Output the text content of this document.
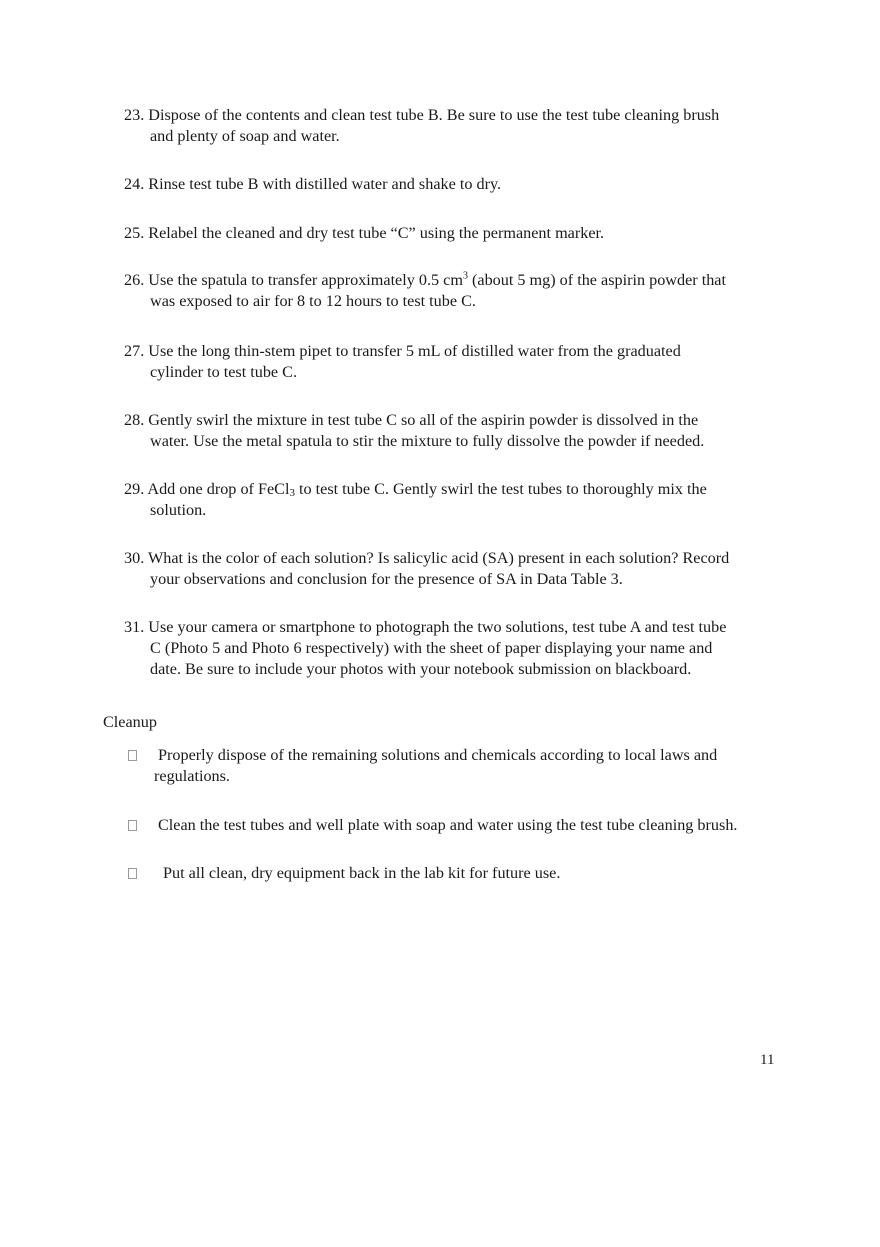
23. Dispose of the contents and clean test tube B. Be sure to use the test tube cleaning brush
and plenty of soap and water.
24. Rinse test tube B with distilled water and shake to dry.
25. Relabel the cleaned and dry test tube “C” using the permanent marker.
26. Use the spatula to transfer approximately 0.5 $cm^3$ (about 5 mg) of the aspirin powder that
was exposed to air for 8 to 12 hours to test tube C.
27. Use the long thin-stem pipet to transfer 5 mL of distilled water from the graduated
cylinder to test tube C.
28. Gently swirl the mixture in test tube C so all of the aspirin powder is dissolved in the
water. Use the metal spatula to stir the mixture to fully dissolve the powder if needed.
29. Add one drop of FeCl$_3$ to test tube C. Gently swirl the test tubes to thoroughly mix the
solution.
30. What is the color of each solution? Is salicylic acid (SA) present in each solution? Record
your observations and conclusion for the presence of SA in Data Table 3.
31. Use your camera or smartphone to photograph the two solutions, test tube A and test tube
C (Photo 5 and Photo 6 respectively) with the sheet of paper displaying your name and
date. Be sure to include your photos with your notebook submission on blackboard.
Cleanup
Properly dispose of the remaining solutions and chemicals according to local laws and
regulations.
Clean the test tubes and well plate with soap and water using the test tube cleaning brush.
Put all clean, dry equipment back in the lab kit for future use.
11
